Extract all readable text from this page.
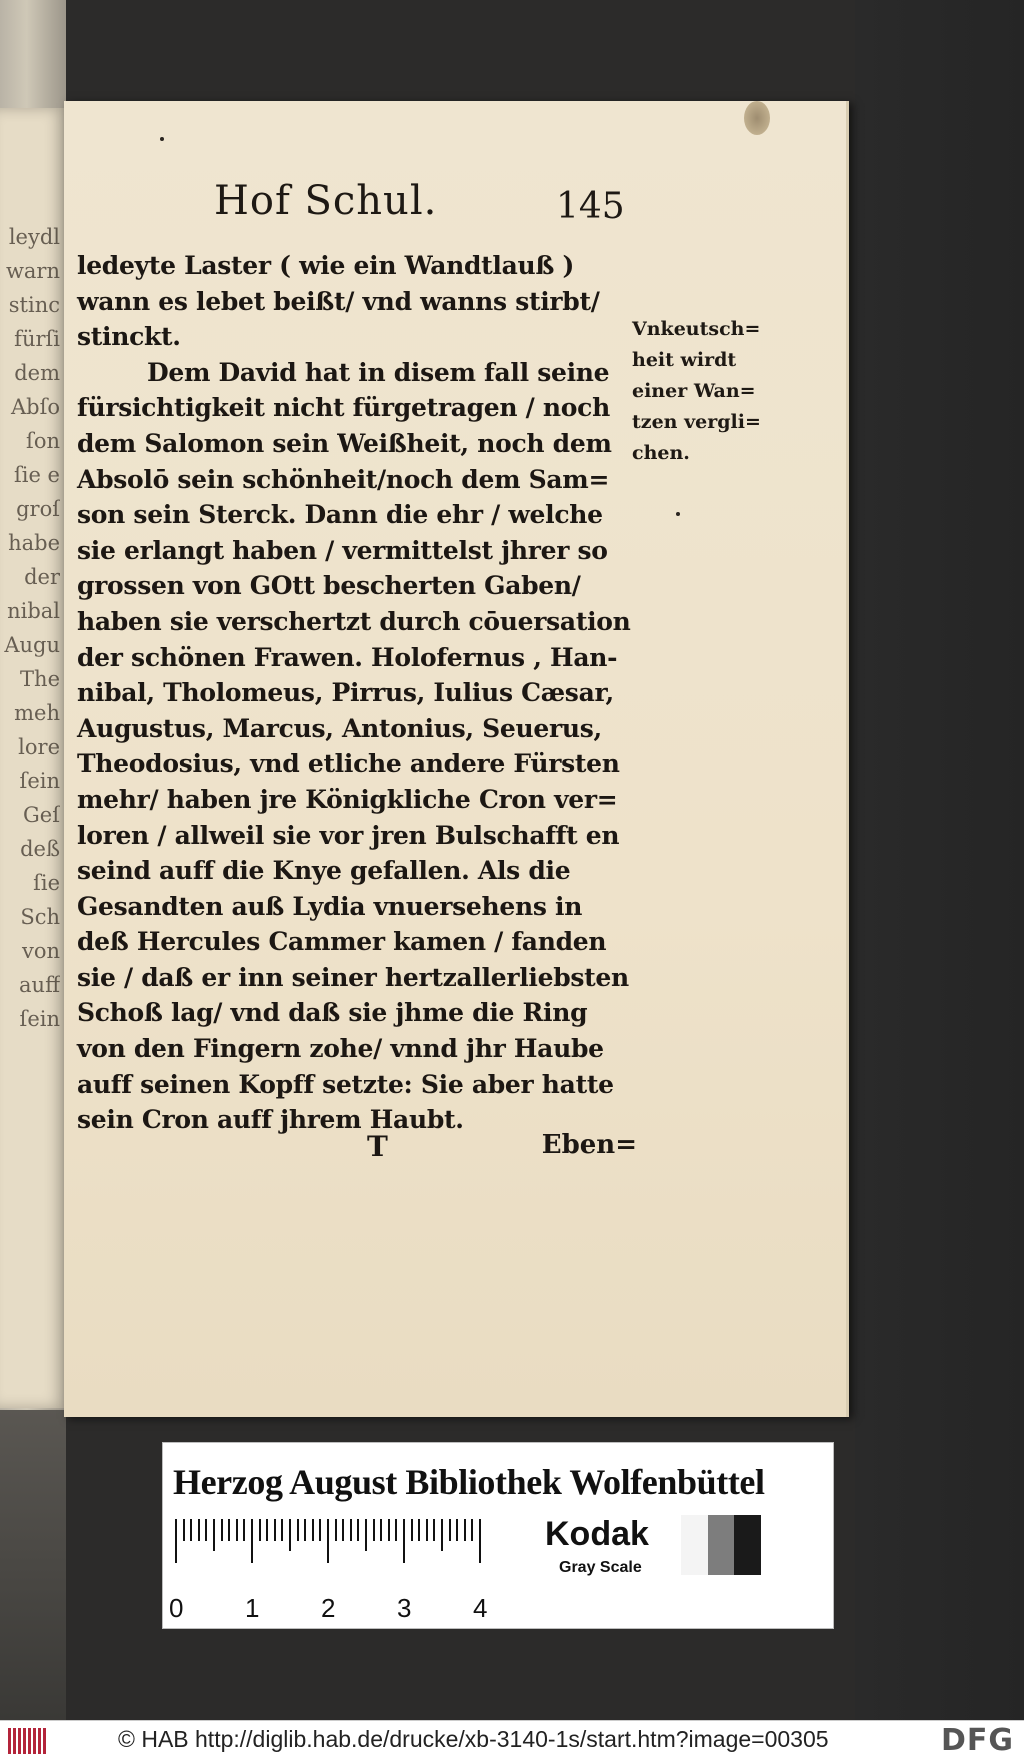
leydl
warn
stinc
fürſi
dem
Abſo
ſon
ſie e
groſ
habe
der
nibal
Augu
The
meh
lore
ſein
Geſ
deß
ſie
Sch
von
auff
ſein
Hof Schul.	145
ledeyte Laster ( wie ein Wandtlauß )
wann es lebet beißt/ vnd wanns stirbt/
stinckt.
Dem David hat in disem fall seine
fürsichtigkeit nicht fürgetragen / noch
dem Salomon sein Weißheit, noch dem
Absolō sein schönheit/noch dem Sam=
son sein Sterck. Dann die ehr / welche
sie erlangt haben / vermittelst jhrer so
grossen von GOtt bescherten Gaben/
haben sie verschertzt durch cōuersation
der schönen Frawen. Holofernus , Han-
nibal, Tholomeus, Pirrus, Iulius Cæsar,
Augustus, Marcus, Antonius, Seuerus,
Theodosius, vnd etliche andere Fürsten
mehr/ haben jre Königkliche Cron ver=
loren / allweil sie vor jren Bulschafft en
seind auff die Knye gefallen. Als die
Gesandten auß Lydia vnuersehens in
deß Hercules Cammer kamen / fanden
sie / daß er inn seiner hertzallerliebsten
Schoß lag/ vnd daß sie jhme die Ring
von den Fingern zohe/ vnnd jhr Haube
auff seinen Kopff setzte: Sie aber hatte
sein Cron auff jhrem Haubt.
T	Eben=
Vnkeutsch=
heit wirdt
einer Wan=
tzen vergli=
chen.
Herzog August Bibliothek Wolfenbüttel
0 1 2 3 4
Kodak
Gray Scale
© HAB http://diglib.hab.de/drucke/xb-3140-1s/start.htm?image=00305	DFG
